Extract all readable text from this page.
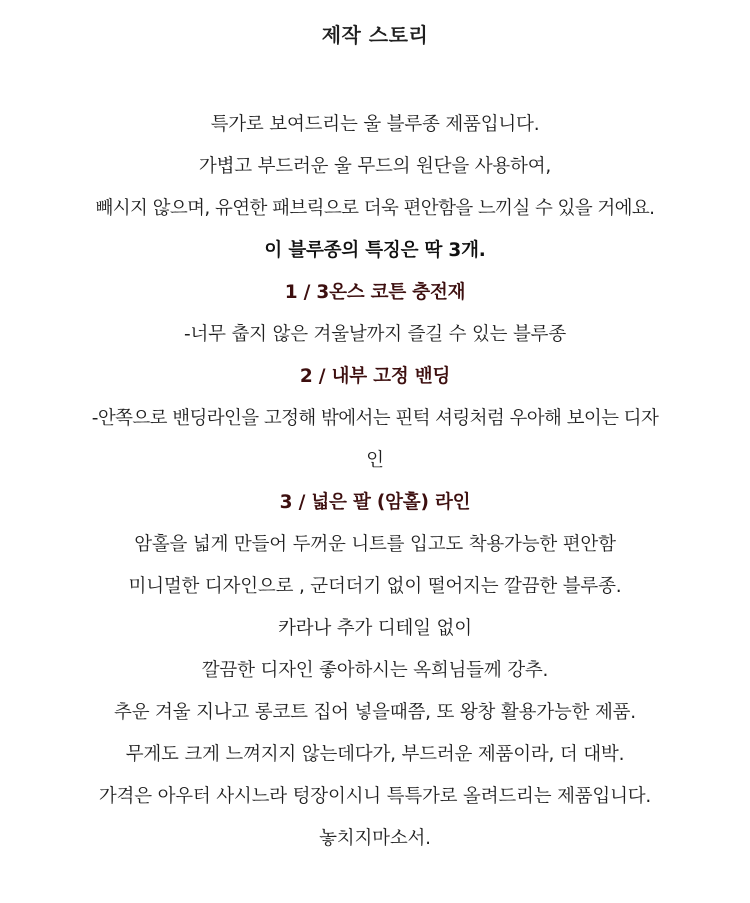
제작 스토리
특가로 보여드리는 울 블루종 제품입니다.
가볍고 부드러운 울 무드의 원단을 사용하여,
빼시지 않으며, 유연한 패브릭으로 더욱 편안함을 느끼실 수 있을 거에요.
이 블루종의 특징은 딱 3개.
1 / 3온스 코튼 충전재
-너무 춥지 않은 겨울날까지 즐길 수 있는 블루종
2 / 내부 고정 밴딩
-안쪽으로 밴딩라인을 고정해 밖에서는 핀턱 셔링처럼 우아해 보이는 디자
인
3 / 넓은 팔 (암홀) 라인
암홀을 넓게 만들어 두꺼운 니트를 입고도 착용가능한 편안함
미니멀한 디자인으로 , 군더더기 없이 떨어지는 깔끔한 블루종.
카라나 추가 디테일 없이
깔끔한 디자인 좋아하시는 옥희님들께 강추.
추운 겨울 지나고 롱코트 집어 넣을때쯤, 또 왕창 활용가능한 제품.
무게도 크게 느껴지지 않는데다가, 부드러운 제품이라, 더 대박.
가격은 아우터 사시느라 텅장이시니 특특가로 올려드리는 제품입니다.
놓치지마소서.
